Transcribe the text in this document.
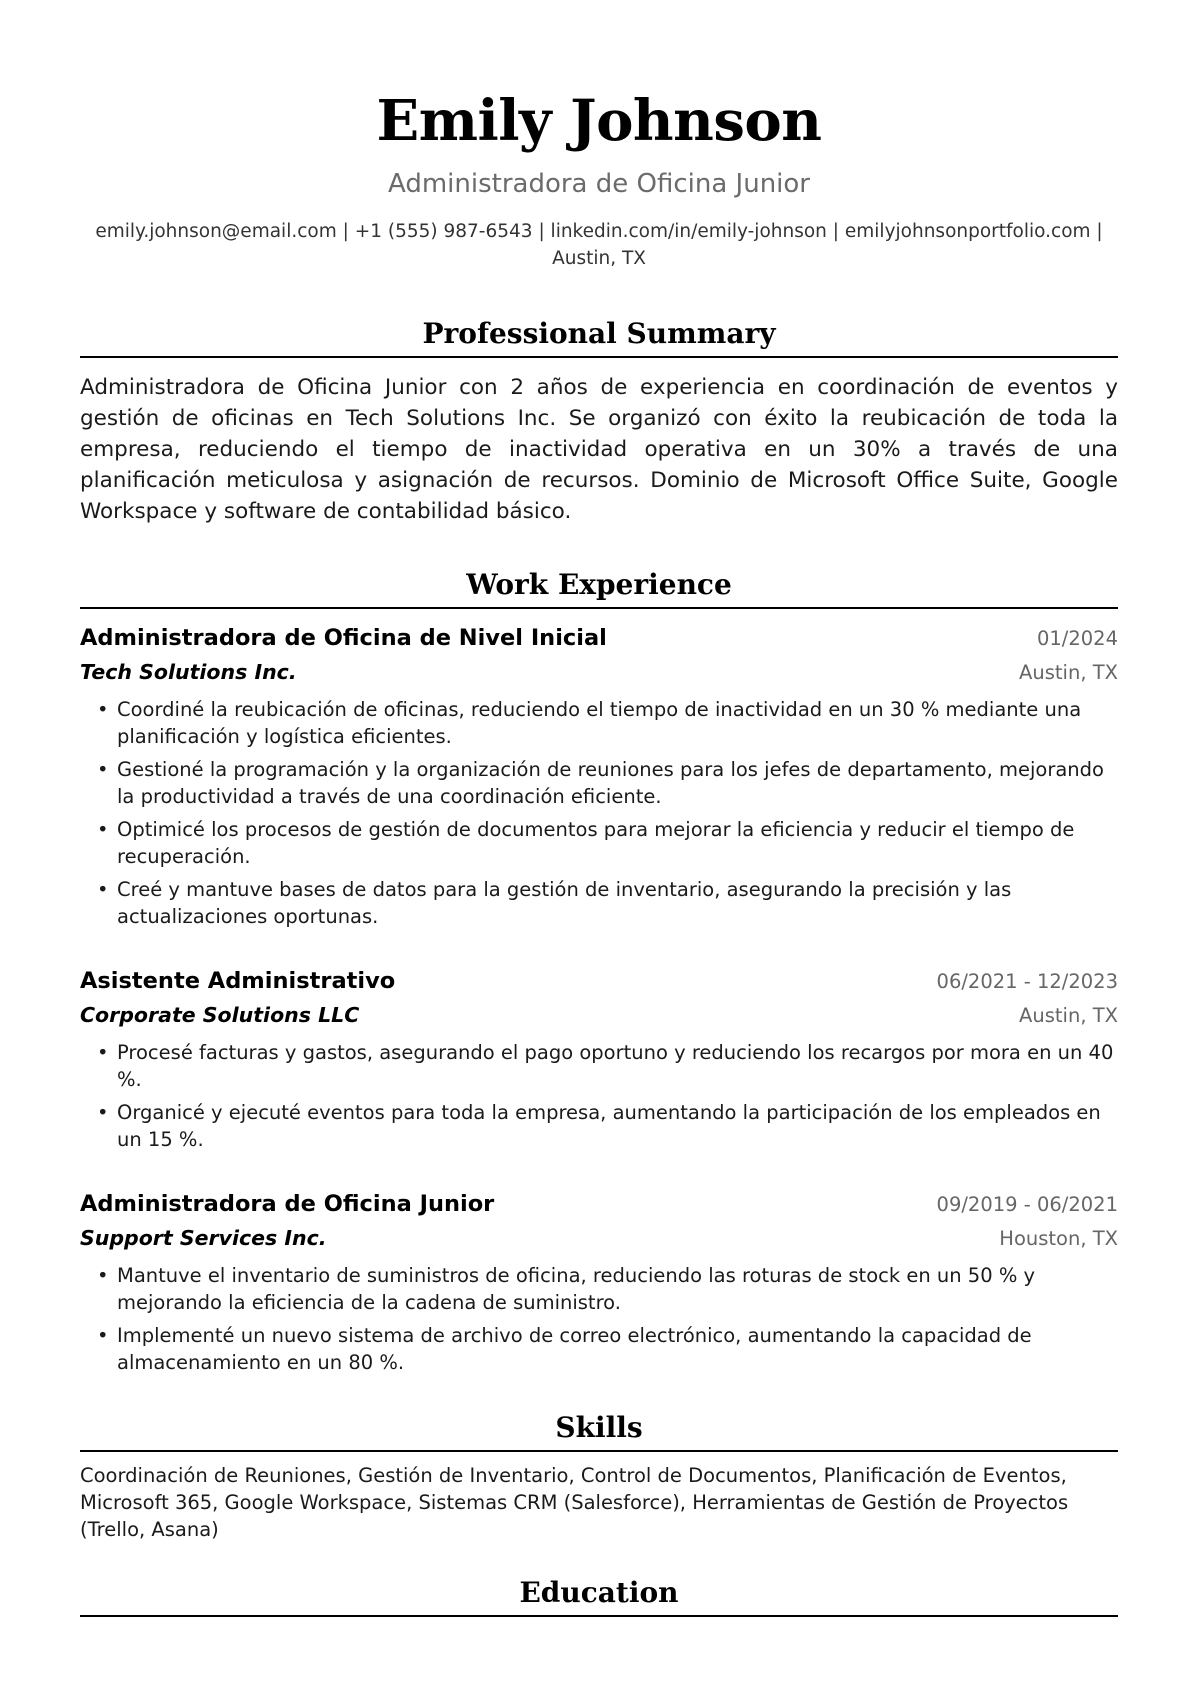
Emily Johnson
Administradora de Oficina Junior
emily.johnson@email.com | +1 (555) 987-6543 | linkedin.com/in/emily-johnson | emilyjohnsonportfolio.com | Austin, TX
Professional Summary
Administradora de Oficina Junior con 2 años de experiencia en coordinación de eventos y gestión de oficinas en Tech Solutions Inc. Se organizó con éxito la reubicación de toda la empresa, reduciendo el tiempo de inactividad operativa en un 30% a través de una planificación meticulosa y asignación de recursos. Dominio de Microsoft Office Suite, Google Workspace y software de contabilidad básico.
Work Experience
Administradora de Oficina de Nivel Inicial	01/2024
Tech Solutions Inc.	Austin, TX
• Coordiné la reubicación de oficinas, reduciendo el tiempo de inactividad en un 30 % mediante una planificación y logística eficientes.
• Gestioné la programación y la organización de reuniones para los jefes de departamento, mejorando la productividad a través de una coordinación eficiente.
• Optimicé los procesos de gestión de documentos para mejorar la eficiencia y reducir el tiempo de recuperación.
• Creé y mantuve bases de datos para la gestión de inventario, asegurando la precisión y las actualizaciones oportunas.
Asistente Administrativo	06/2021 - 12/2023
Corporate Solutions LLC	Austin, TX
• Procesé facturas y gastos, asegurando el pago oportuno y reduciendo los recargos por mora en un 40 %.
• Organicé y ejecuté eventos para toda la empresa, aumentando la participación de los empleados en un 15 %.
Administradora de Oficina Junior	09/2019 - 06/2021
Support Services Inc.	Houston, TX
• Mantuve el inventario de suministros de oficina, reduciendo las roturas de stock en un 50 % y mejorando la eficiencia de la cadena de suministro.
• Implementé un nuevo sistema de archivo de correo electrónico, aumentando la capacidad de almacenamiento en un 80 %.
Skills
Coordinación de Reuniones, Gestión de Inventario, Control de Documentos, Planificación de Eventos, Microsoft 365, Google Workspace, Sistemas CRM (Salesforce), Herramientas de Gestión de Proyectos (Trello, Asana)
Education
